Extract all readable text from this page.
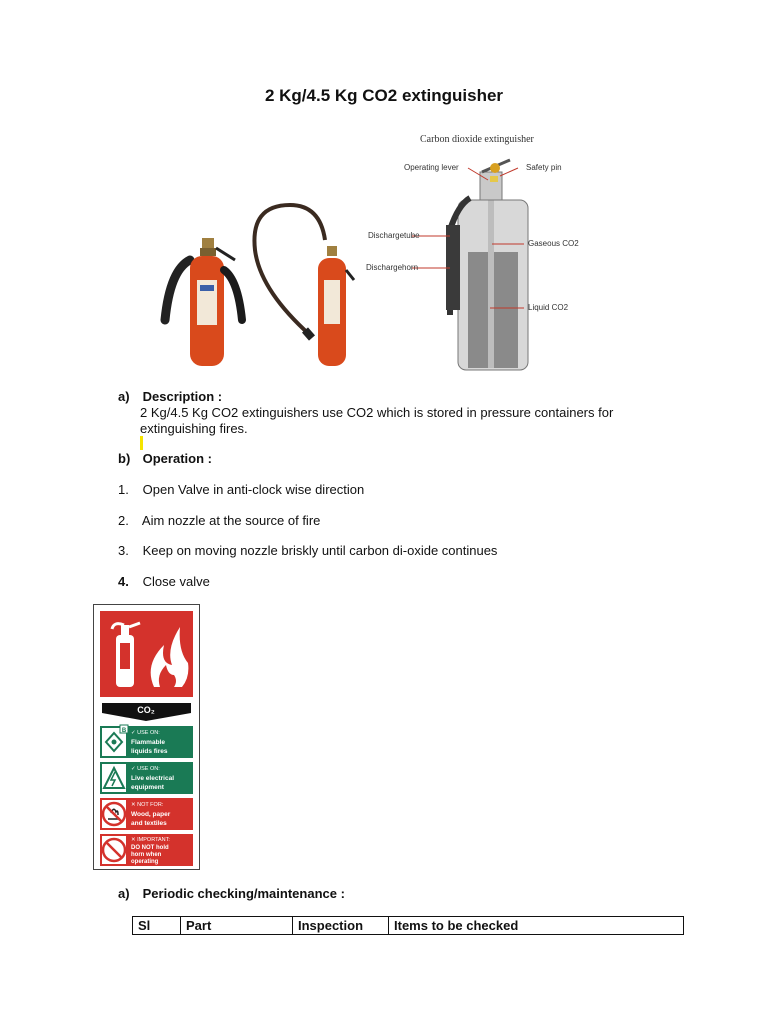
2 Kg/4.5 Kg CO2 extinguisher
Carbon dioxide extinguisher
Operating lever	Safety pin
Dischargetube
Gaseous CO2
Dischargehorn
Liquid CO2
a) Description :
2 Kg/4.5 Kg CO2 extinguishers use CO2 which is stored in pressure containers for extinguishing fires.
b) Operation :
1. Open Valve in anti-clock wise direction
2. Aim nozzle at the source of fire
3. Keep on moving nozzle briskly until carbon di-oxide continues
4. Close valve
CO₂
B ✓ USE ON:
Flammable
liquids fires
✓ USE ON:
Live electrical
equipment
✕ NOT FOR:
Wood, paper
and textiles
✕ IMPORTANT:
DO NOT hold
horn when
operating
a) Periodic checking/maintenance :
Sl	Part	Inspection	Items to be checked
